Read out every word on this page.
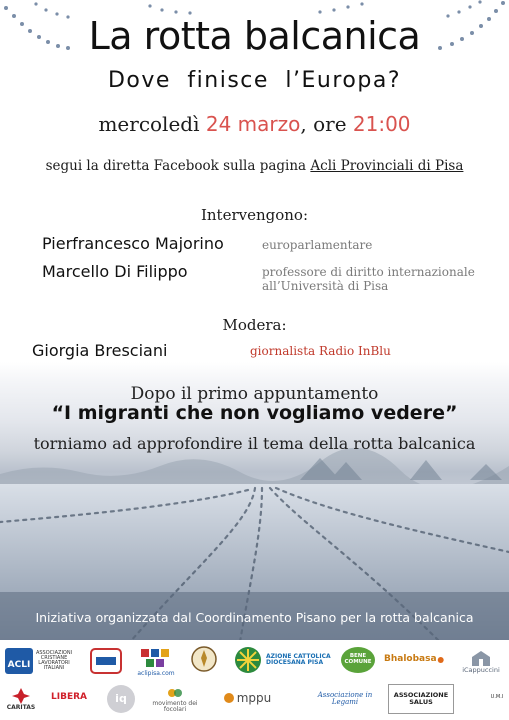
La rotta balcanica
Dove finisce l’Europa?
mercoledì 24 marzo, ore 21:00
segui la diretta Facebook sulla pagina Acli Provinciali di Pisa
Intervengono:
Pierfrancesco Majorino	europarlamentare
Marcello Di Filippo	professore di diritto internazionale
all’Università di Pisa
Modera:
Giorgia Bresciani	giornalista Radio InBlu
Dopo il primo appuntamento
“I migranti che non vogliamo vedere”
torniamo ad approfondire il tema della rotta balcanica
Iniziativa organizzata dal Coordinamento Pisano per la rotta balcanica
ACLI
ASSOCIAZIONI CRISTIANE LAVORATORI ITALIANI
aclipisa.com
AZIONE CATTOLICA DIOCESANA PISA
BENE COMUNE	Bhalobasa
iCappuccini
U.M.I
CARITAS
LIBERA	iq	movimento dei focolari
mppu	Associazione in Legami
ASSOCIAZIONE SALUS
